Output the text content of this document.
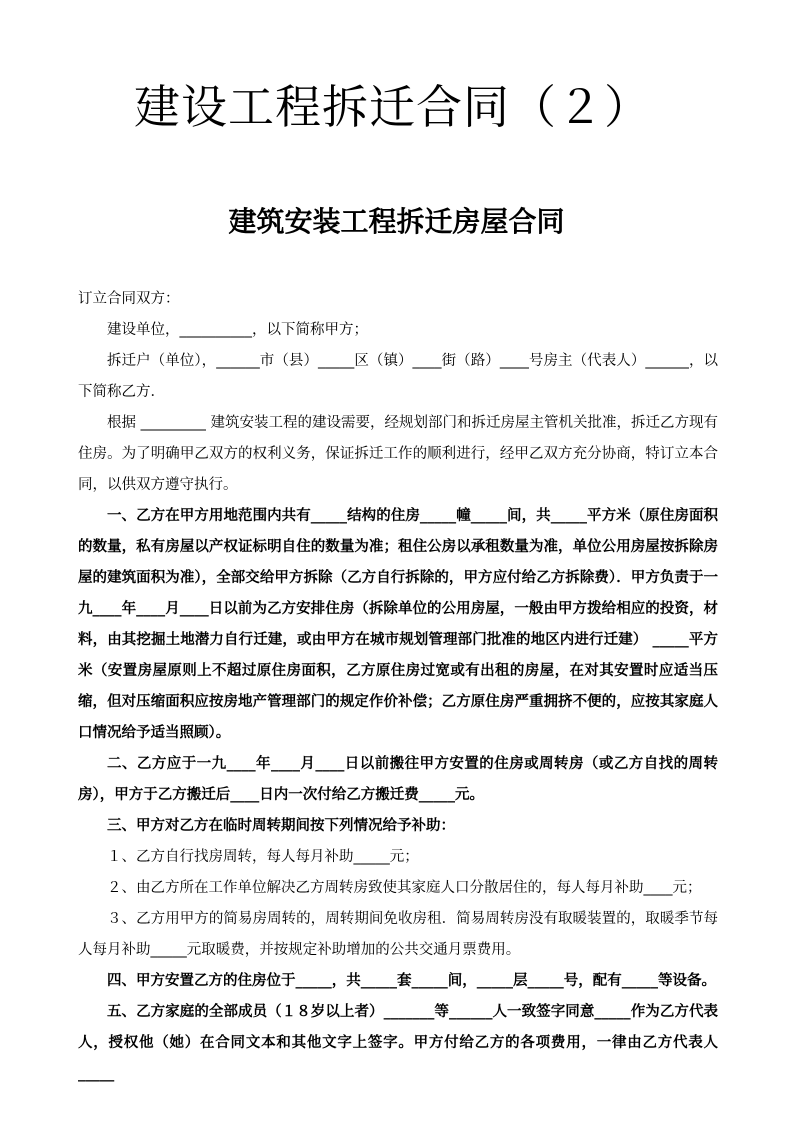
建设工程拆迁合同（２）
建筑安装工程拆迁房屋合同

订立合同双方：

建设单位，__________，以下简称甲方；

拆迁户（单位），______市（县）_____区（镇）____街（路）____号房主（代表人）______，以下简称乙方．

根据 _________ 建筑安装工程的建设需要，经规划部门和拆迁房屋主管机关批准，拆迁乙方现有住房。为了明确甲乙双方的权利义务，保证拆迁工作的顺利进行，经甲乙双方充分协商，特订立本合同，以供双方遵守执行。

一、乙方在甲方用地范围内共有_____结构的住房_____幢_____间，共_____平方米（原住房面积的数量，私有房屋以产权证标明自住的数量为准；租住公房以承租数量为准，单位公用房屋按拆除房屋的建筑面积为准），全部交给甲方拆除（乙方自行拆除的，甲方应付给乙方拆除费）．甲方负责于一九____年____月____日以前为乙方安排住房（拆除单位的公用房屋，一般由甲方拨给相应的投资，材料，由其挖掘土地潜力自行迁建，或由甲方在城市规划管理部门批准的地区内进行迁建） _____平方米（安置房屋原则上不超过原住房面积，乙方原住房过宽或有出租的房屋，在对其安置时应适当压缩，但对压缩面积应按房地产管理部门的规定作价补偿；乙方原住房严重拥挤不便的，应按其家庭人口情况给予适当照顾）。

二、乙方应于一九____年____月____日以前搬往甲方安置的住房或周转房（或乙方自找的周转房），甲方于乙方搬迁后____日内一次付给乙方搬迁费_____元。

三、甲方对乙方在临时周转期间按下列情况给予补助：

１、乙方自行找房周转，每人每月补助_____元；

２、由乙方所在工作单位解决乙方周转房致使其家庭人口分散居住的，每人每月补助____元；

３、乙方用甲方的简易房周转的，周转期间免收房租．简易周转房没有取暖装置的，取暖季节每人每月补助_____元取暖费，并按规定补助增加的公共交通月票费用。

四、甲方安置乙方的住房位于_____，共_____套_____间，_____层_____号，配有_____等设备。

五、乙方家庭的全部成员（１８岁以上者）_______等______人一致签字同意_____作为乙方代表人，授权他（她）在合同文本和其他文字上签字。甲方付给乙方的各项费用，一律由乙方代表人_____
